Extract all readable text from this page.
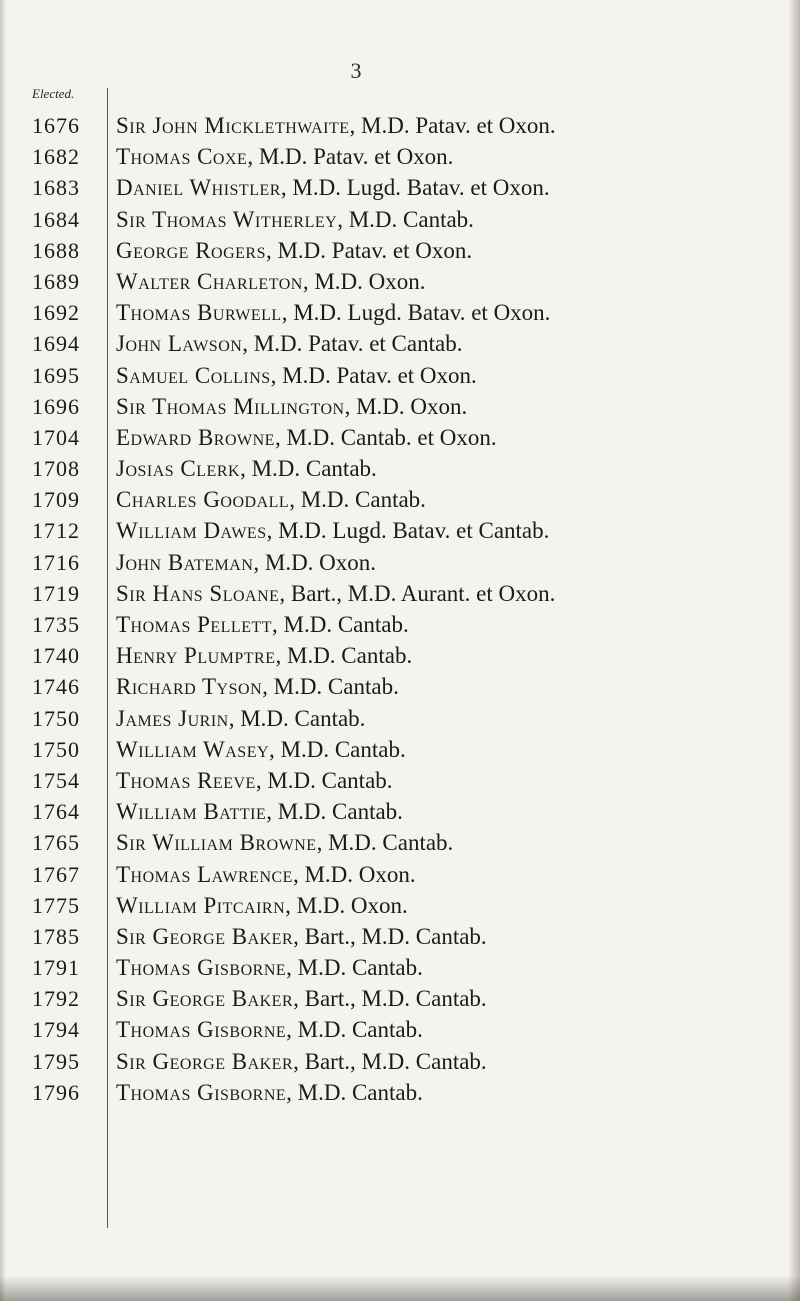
3
Elected.
1676	Sir John Micklethwaite, M.D. Patav. et Oxon.
1682	Thomas Coxe, M.D. Patav. et Oxon.
1683	Daniel Whistler, M.D. Lugd. Batav. et Oxon.
1684	Sir Thomas Witherley, M.D. Cantab.
1688	George Rogers, M.D. Patav. et Oxon.
1689	Walter Charleton, M.D. Oxon.
1692	Thomas Burwell, M.D. Lugd. Batav. et Oxon.
1694	John Lawson, M.D. Patav. et Cantab.
1695	Samuel Collins, M.D. Patav. et Oxon.
1696	Sir Thomas Millington, M.D. Oxon.
1704	Edward Browne, M.D. Cantab. et Oxon.
1708	Josias Clerk, M.D. Cantab.
1709	Charles Goodall, M.D. Cantab.
1712	William Dawes, M.D. Lugd. Batav. et Cantab.
1716	John Bateman, M.D. Oxon.
1719	Sir Hans Sloane, Bart., M.D. Aurant. et Oxon.
1735	Thomas Pellett, M.D. Cantab.
1740	Henry Plumptre, M.D. Cantab.
1746	Richard Tyson, M.D. Cantab.
1750	James Jurin, M.D. Cantab.
1750	William Wasey, M.D. Cantab.
1754	Thomas Reeve, M.D. Cantab.
1764	William Battie, M.D. Cantab.
1765	Sir William Browne, M.D. Cantab.
1767	Thomas Lawrence, M.D. Oxon.
1775	William Pitcairn, M.D. Oxon.
1785	Sir George Baker, Bart., M.D. Cantab.
1791	Thomas Gisborne, M.D. Cantab.
1792	Sir George Baker, Bart., M.D. Cantab.
1794	Thomas Gisborne, M.D. Cantab.
1795	Sir George Baker, Bart., M.D. Cantab.
1796	Thomas Gisborne, M.D. Cantab.
